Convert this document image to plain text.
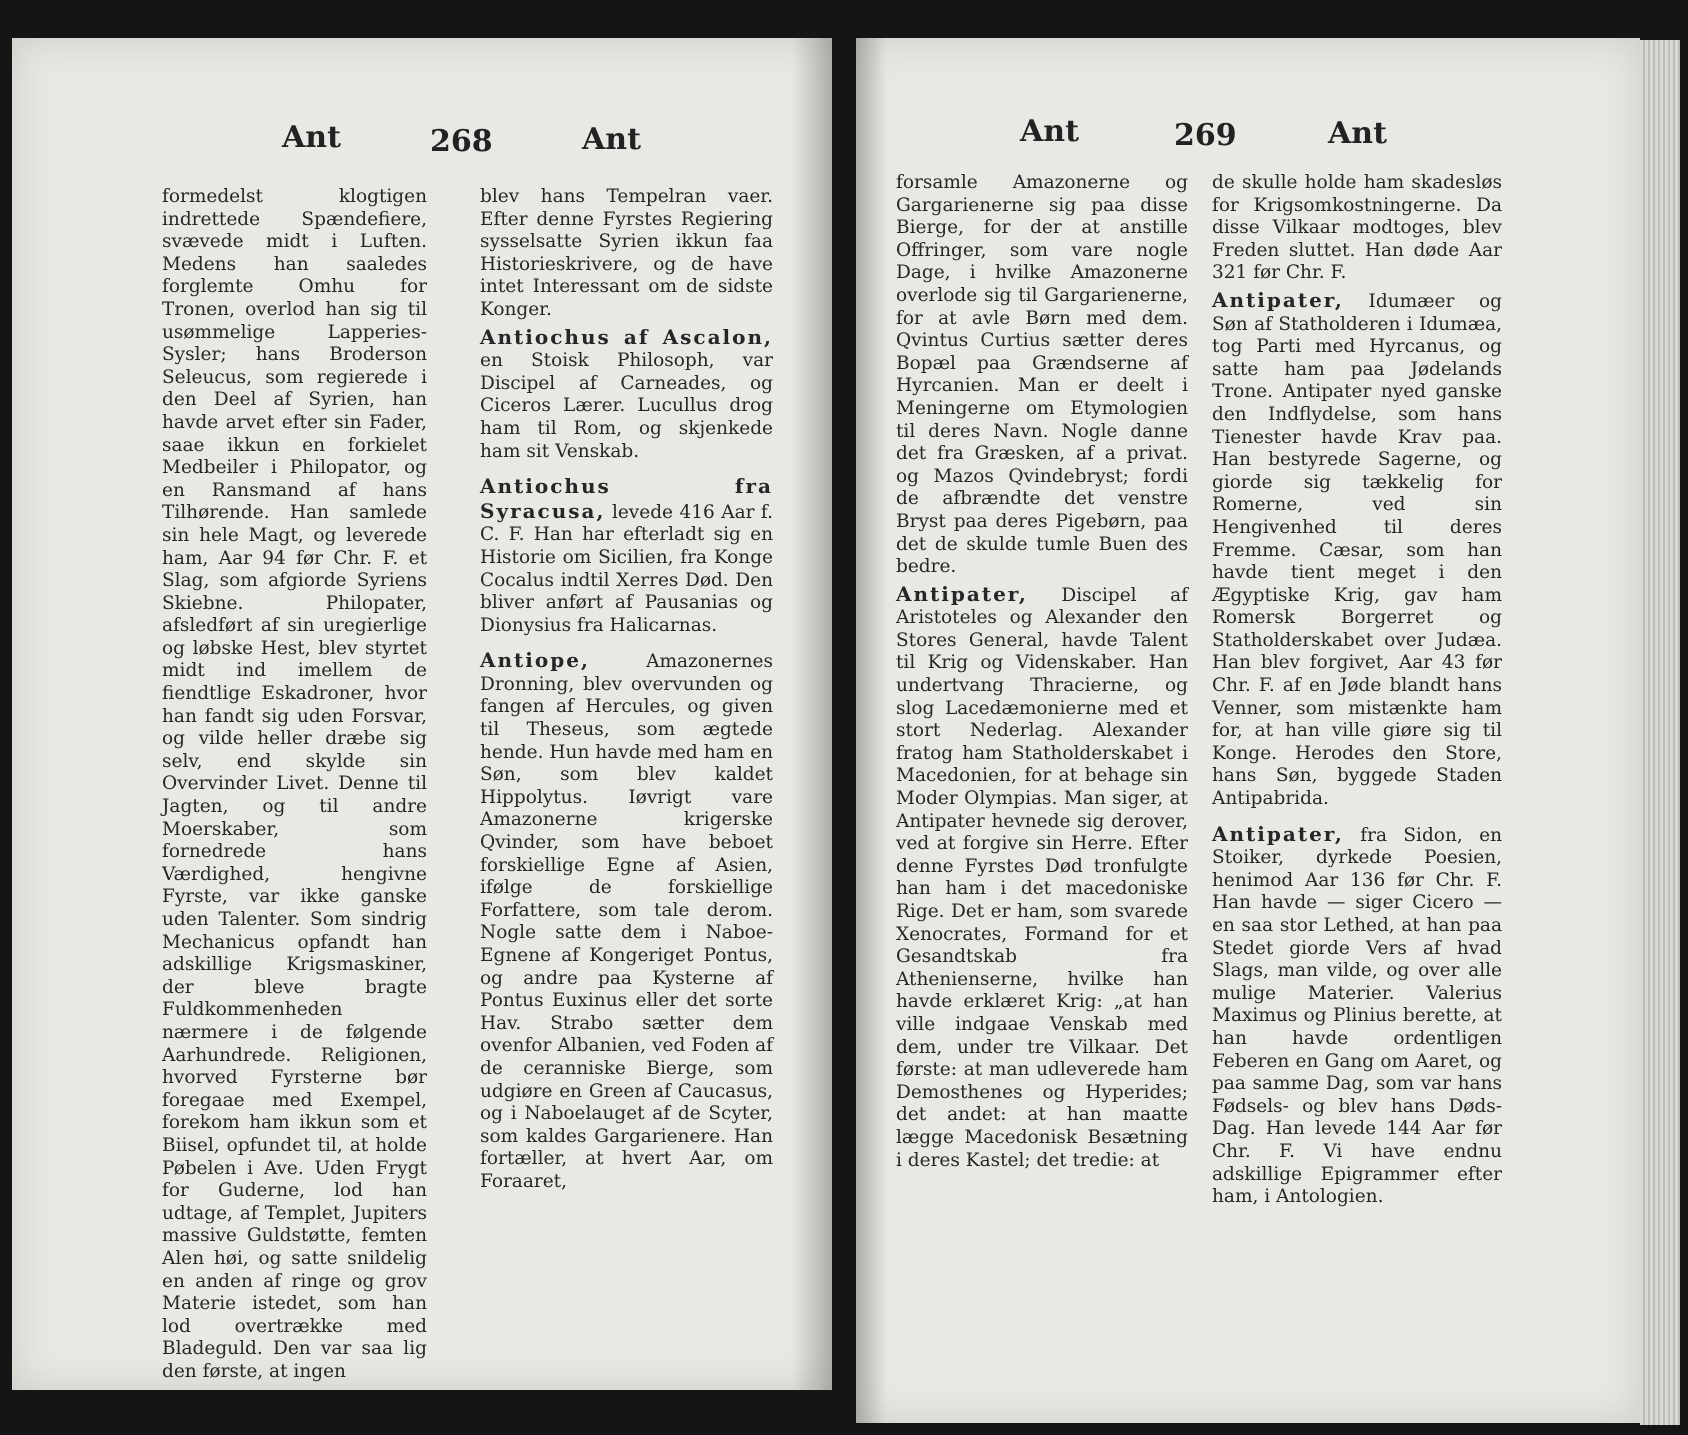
Ant	268	Ant

formedelst klogtigen indrettede Spændefiere, svævede midt i Luften. Medens han saaledes forglemte Omhu for Tronen, overlod han sig til usømmelige Lapperies-Sysler; hans Broderson Seleucus, som regierede i den Deel af Syrien, han havde arvet efter sin Fader, saae ikkun en forkielet Medbeiler i Philopator, og en Ransmand af hans Tilhørende. Han samlede sin hele Magt, og leverede ham, Aar 94 før Chr. F. et Slag, som afgiorde Syriens Skiebne. Philopater, afsledført af sin uregierlige og løbske Hest, blev styrtet midt ind imellem de fiendtlige Eskadroner, hvor han fandt sig uden Forsvar, og vilde heller dræbe sig selv, end skylde sin Overvinder Livet. Denne til Jagten, og til andre Moerskaber, som fornedrede hans Værdighed, hengivne Fyrste, var ikke ganske uden Talenter. Som sindrig Mechanicus opfandt han adskillige Krigsmaskiner, der bleve bragte Fuldkommenheden nærmere i de følgende Aarhundrede. Religionen, hvorved Fyrsterne bør foregaae med Exempel, forekom ham ikkun som et Biisel, opfundet til, at holde Pøbelen i Ave. Uden Frygt for Guderne, lod han udtage, af Templet, Jupiters massive Guldstøtte, femten Alen høi, og satte snildelig en anden af ringe og grov Materie istedet, som han lod overtrække med Bladeguld. Den var saa lig den første, at ingen

blev hans Tempelran vaer. Efter denne Fyrstes Regiering sysselsatte Syrien ikkun faa Historieskrivere, og de have intet Interessant om de sidste Konger.

Antiochus af Ascalon, en Stoisk Philosoph, var Discipel af Carneades, og Ciceros Lærer. Lucullus drog ham til Rom, og skjenkede ham sit Venskab.
Antiochus fra Syracusa, levede 416 Aar f. C. F. Han har efterladt sig en Historie om Sicilien, fra Konge Cocalus indtil Xerres Død. Den bliver anført af Pausanias og Dionysius fra Halicarnas.
Antiope,	Amazonernes Dronning, blev overvunden og fangen af Hercules, og given til Theseus, som ægtede hende. Hun havde med ham en Søn, som blev kaldet Hippolytus. Iøvrigt vare Amazonerne krigerske Qvinder, som have beboet forskiellige Egne af Asien, ifølge de forskiellige Forfattere, som tale derom. Nogle satte dem i Naboe-Egnene af Kongeriget Pontus, og andre paa Kysterne af Pontus Euxinus eller det sorte Hav. Strabo sætter dem ovenfor Albanien, ved Foden af de ceranniske Bierge, som udgiøre en Green af Caucasus, og i Naboelauget af de Scyter, som kaldes Gargarienere. Han fortæller, at hvert Aar, om Foraaret,
Ant	269	Ant

forsamle Amazonerne og Gargarienerne sig paa disse Bierge, for der at anstille Offringer, som vare nogle Dage, i hvilke Amazonerne overlode sig til Gargarienerne, for at avle Børn med dem. Qvintus Curtius sætter deres Bopæl paa Grændserne af Hyrcanien. Man er deelt i Meningerne om Etymologien til deres Navn. Nogle danne det fra Græsken, af a privat. og Mazos Qvindebryst; fordi de afbrændte det venstre Bryst paa deres Pigebørn, paa det de skulde tumle Buen des bedre.

Antipater, Discipel af Aristoteles og Alexander den Stores General, havde Talent til Krig og Videnskaber. Han undertvang Thracierne, og slog Lacedæmonierne med et stort Nederlag. Alexander fratog ham Statholderskabet i Macedonien, for at behage sin Moder Olympias. Man siger, at Antipater hevnede sig derover, ved at forgive sin Herre. Efter denne Fyrstes Død tronfulgte han ham i det macedoniske Rige. Det er ham, som svarede Xenocrates, Formand for et Gesandtskab fra Athenienserne, hvilke han havde erklæret Krig: „at han ville indgaae Venskab med dem, under tre Vilkaar. Det første: at man udleverede ham Demosthenes og Hyperides; det andet: at han maatte lægge Macedonisk Besætning i deres Kastel; det tredie: at

de skulle holde ham skadesløs for Krigsomkostningerne. Da disse Vilkaar modtoges, blev Freden sluttet. Han døde Aar 321 før Chr. F.

Antipater, Idumæer og Søn af Statholderen i Idumæa, tog Parti med Hyrcanus, og satte ham paa Jødelands Trone. Antipater nyed ganske den Indflydelse, som hans Tienester havde Krav paa. Han bestyrede Sagerne, og giorde sig tækkelig for Romerne, ved sin Hengivenhed til deres Fremme. Cæsar, som han havde tient meget i den Ægyptiske Krig, gav ham Romersk Borgerret og Statholderskabet over Judæa. Han blev forgivet, Aar 43 før Chr. F. af en Jøde blandt hans Venner, som mistænkte ham for, at han ville giøre sig til Konge. Herodes den Store, hans Søn, byggede Staden Antipabrida.
Antipater, fra Sidon, en Stoiker, dyrkede Poesien, henimod Aar 136 før Chr. F. Han havde — siger Cicero — en saa stor Lethed, at han paa Stedet giorde Vers af hvad Slags, man vilde, og over alle mulige Materier. Valerius Maximus og Plinius berette, at han havde ordentligen Feberen en Gang om Aaret, og paa samme Dag, som var hans Fødsels- og blev hans Døds-Dag. Han levede 144 Aar før Chr. F. Vi have endnu adskillige Epigrammer efter ham, i Antologien.
